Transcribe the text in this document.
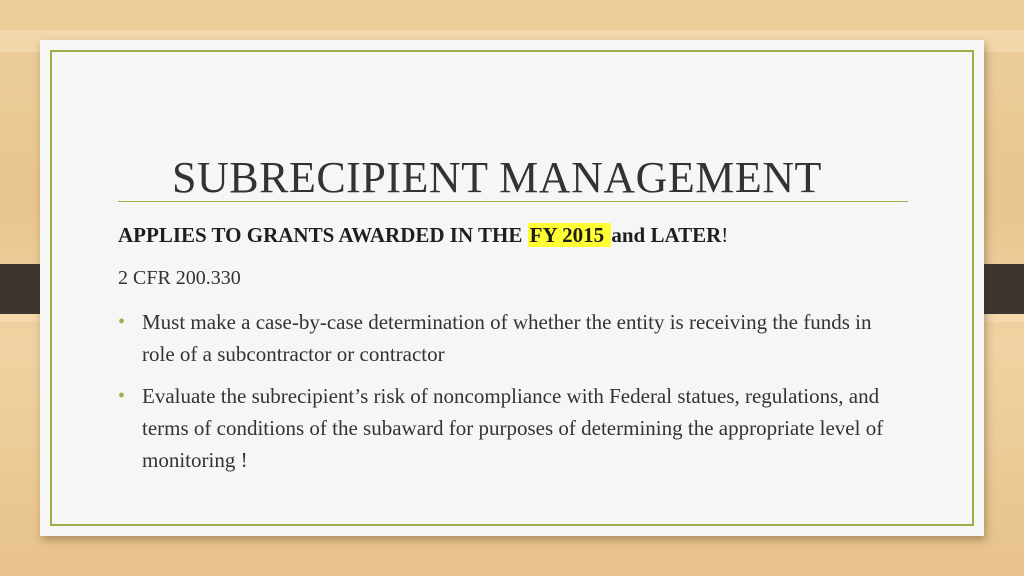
SUBRECIPIENT MANAGEMENT
APPLIES TO GRANTS AWARDED IN THE FY 2015 and LATER!
2 CFR 200.330
• Must make a case-by-case determination of whether the entity is receiving the funds in role of a subcontractor or contractor
• Evaluate the subrecipient’s risk of noncompliance with Federal statues, regulations, and terms of conditions of the subaward for purposes of determining the appropriate level of monitoring !
